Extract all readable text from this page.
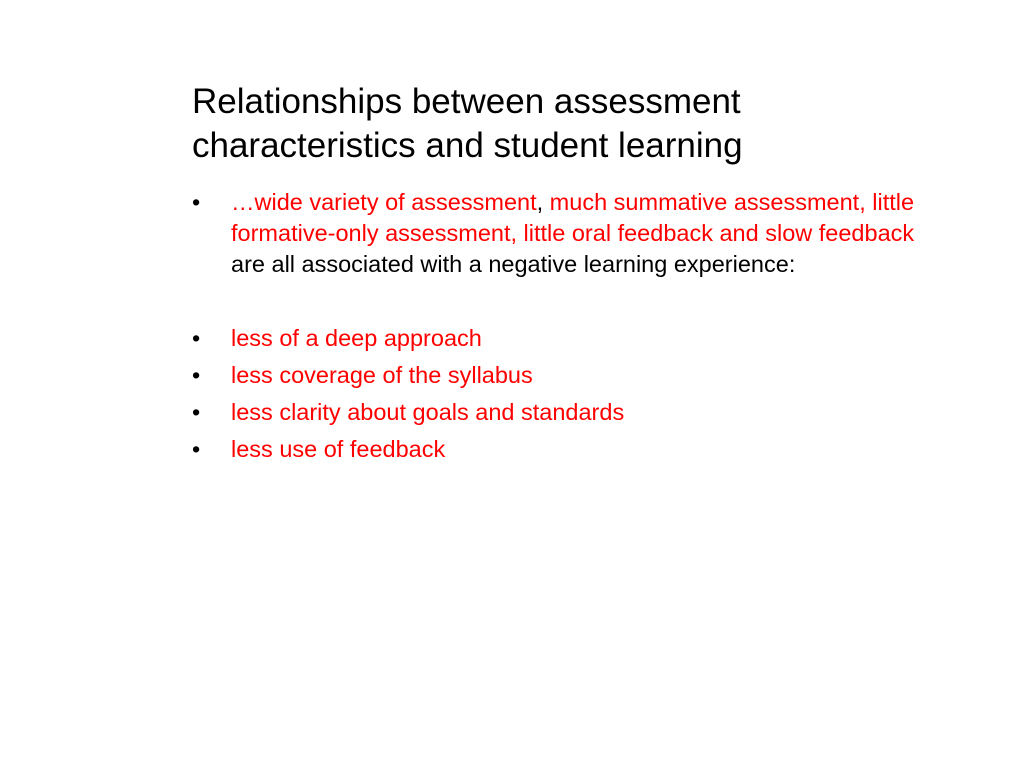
Relationships between assessment
characteristics and student learning
• …wide variety of assessment, much summative assessment, little formative-only assessment, little oral feedback and slow feedback are all associated with a negative learning experience:
• less of a deep approach
• less coverage of the syllabus
• less clarity about goals and standards
• less use of feedback
